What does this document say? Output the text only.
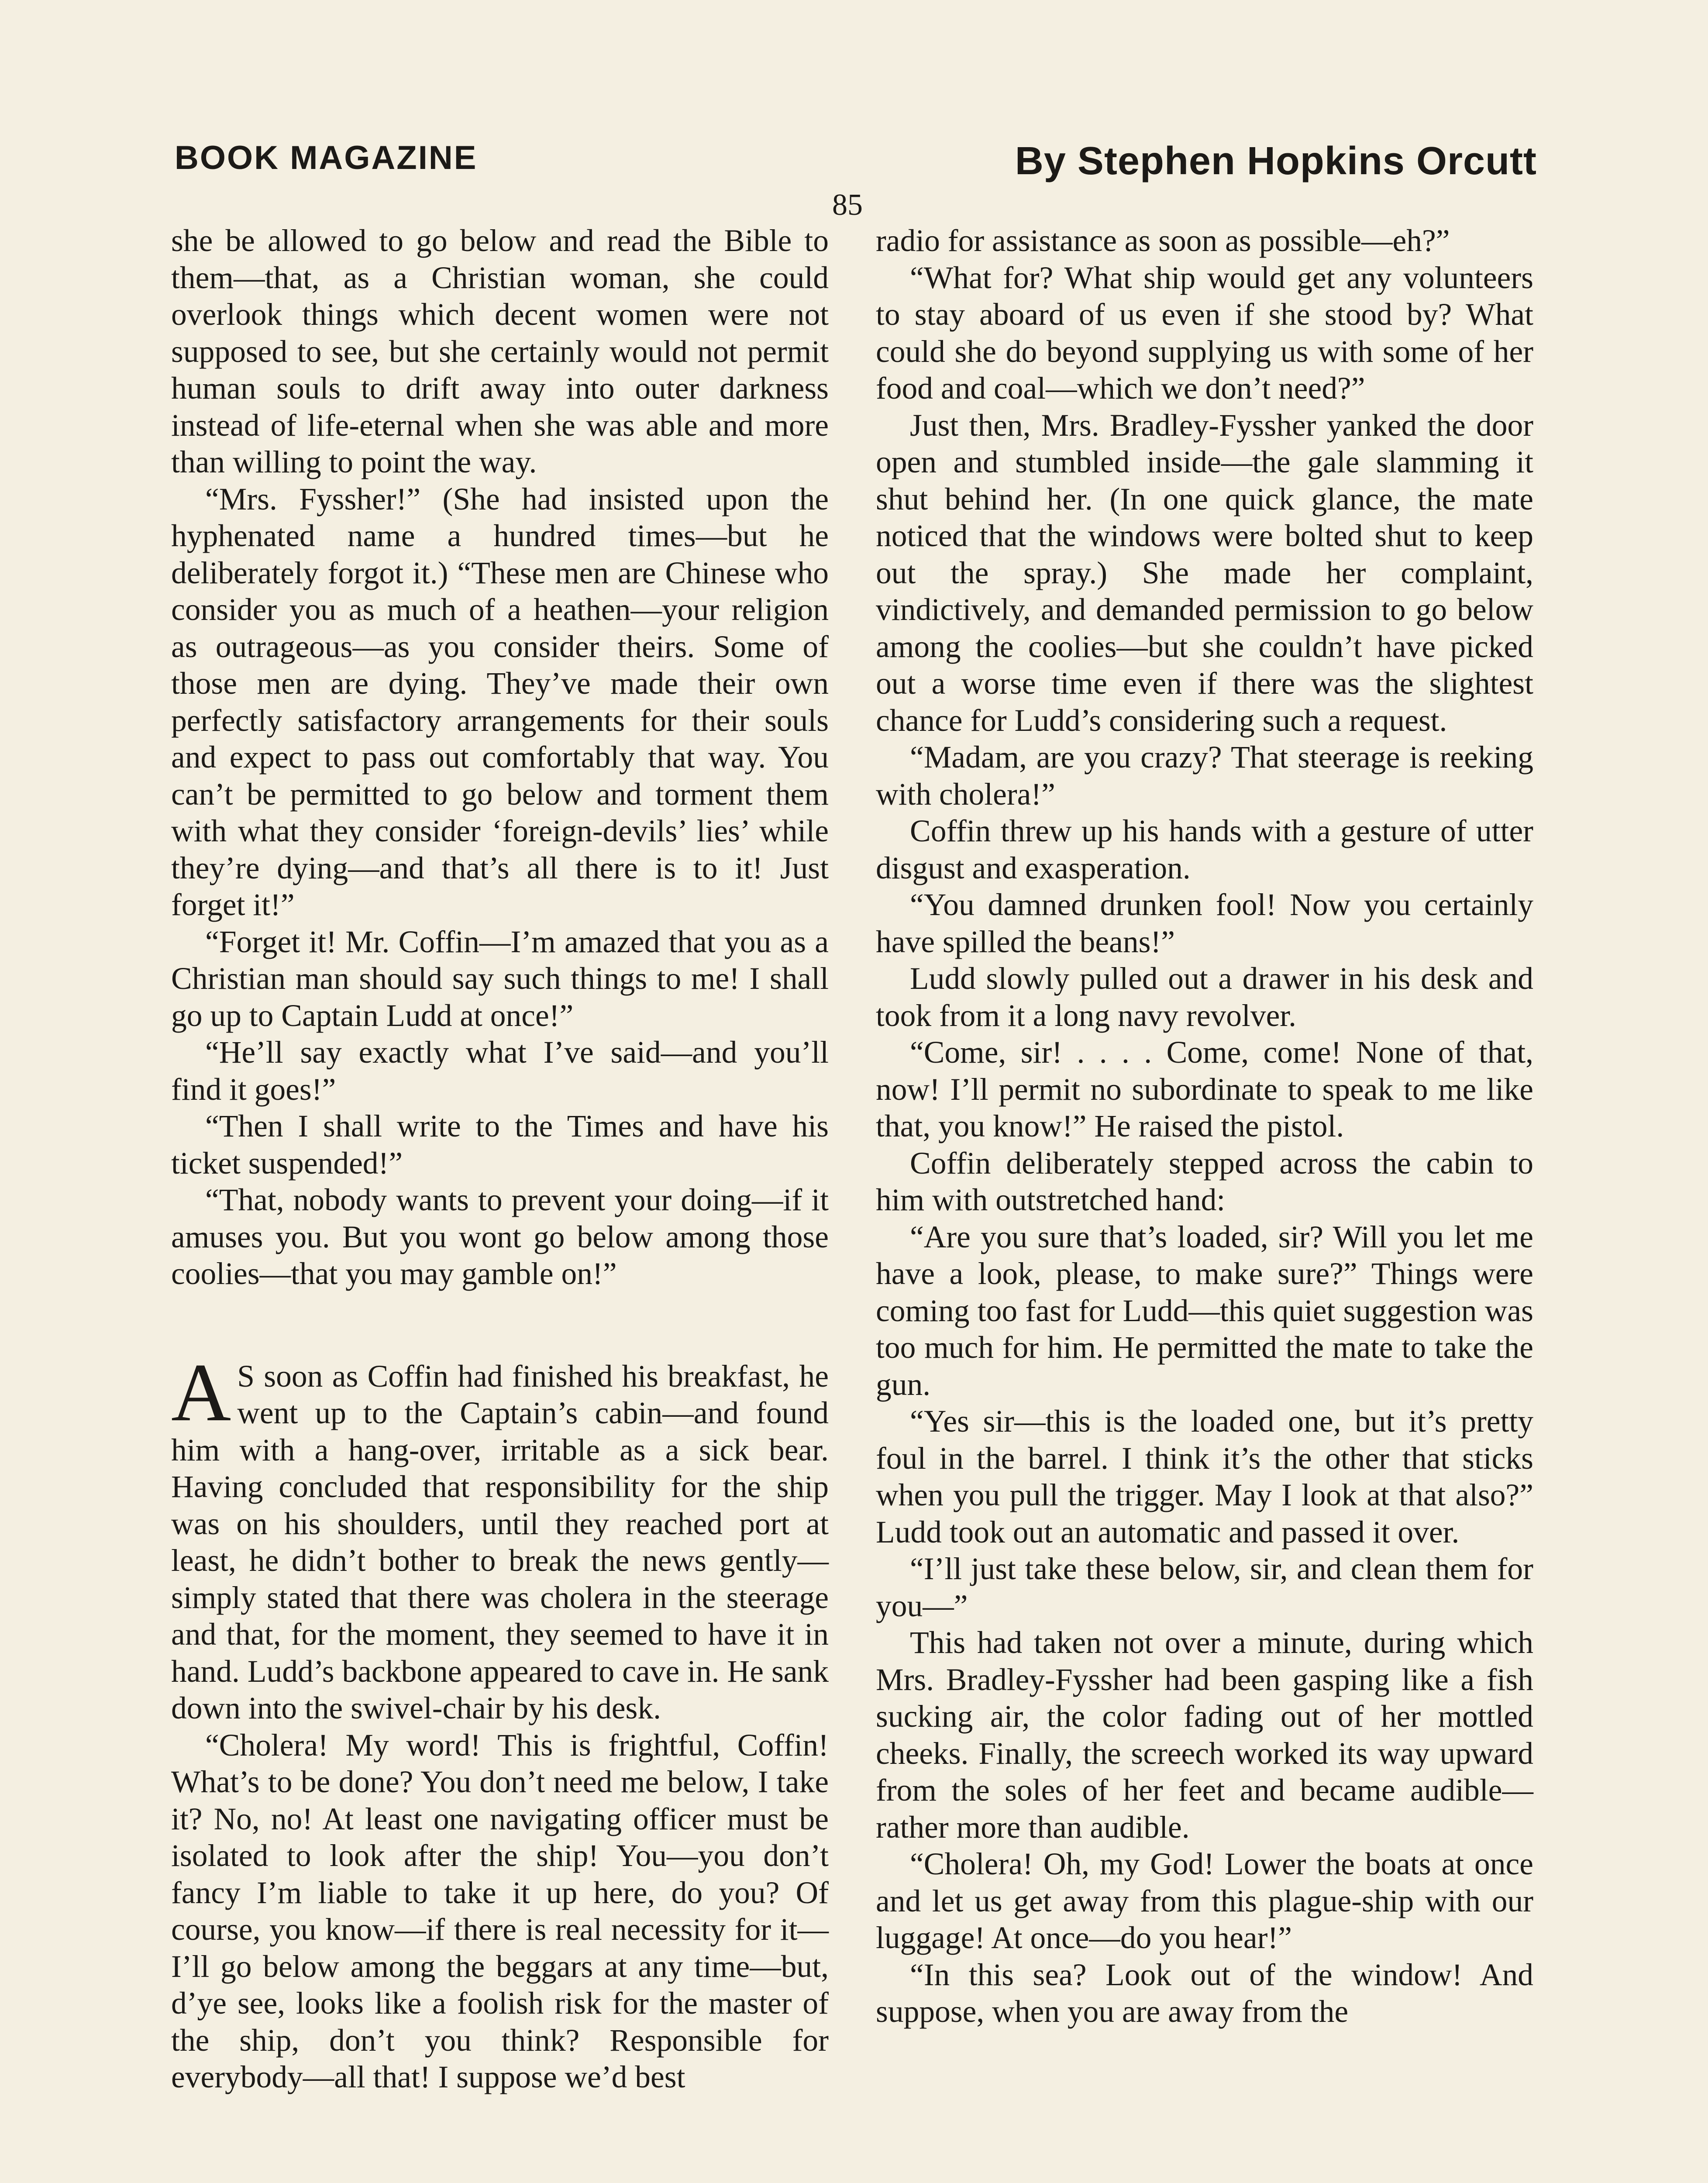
BOOK MAGAZINE	By Stephen Hopkins Orcutt
85

she be allowed to go below and read the Bible to them—that, as a Christian woman, she could overlook things which decent women were not supposed to see, but she certainly would not permit human souls to drift away into outer darkness instead of life-eternal when she was able and more than willing to point the way.

“Mrs. Fyssher!” (She had insisted upon the hyphenated name a hundred times—but he deliberately forgot it.) “These men are Chinese who consider you as much of a heathen—your religion as outrageous—as you consider theirs. Some of those men are dying. They’ve made their own perfectly satisfactory arrangements for their souls and expect to pass out comfortably that way. You can’t be permitted to go below and torment them with what they consider ‘foreign-devils’ lies’ while they’re dying—and that’s all there is to it! Just forget it!”

“Forget it! Mr. Coffin—I’m amazed that you as a Christian man should say such things to me! I shall go up to Captain Ludd at once!”

“He’ll say exactly what I’ve said—and you’ll find it goes!”

“Then I shall write to the Times and have his ticket suspended!”

“That, nobody wants to prevent your doing—if it amuses you. But you wont go below among those coolies—that you may gamble on!”

A S soon as Coffin had finished his breakfast, he went up to the Captain’s cabin—and found him with a hang-over, irritable as a sick bear. Having concluded that responsibility for the ship was on his shoulders, until they reached port at least, he didn’t bother to break the news gently—simply stated that there was cholera in the steerage and that, for the moment, they seemed to have it in hand. Ludd’s backbone appeared to cave in. He sank down into the swivel-chair by his desk.

“Cholera! My word! This is frightful, Coffin! What’s to be done? You don’t need me below, I take it? No, no! At least one navigating officer must be isolated to look after the ship! You—you don’t fancy I’m liable to take it up here, do you? Of course, you know—if there is real necessity for it—I’ll go below among the beggars at any time—but, d’ye see, looks like a foolish risk for the master of the ship, don’t you think? Responsible for everybody—all that! I suppose we’d best

radio for assistance as soon as possible—eh?”

“What for? What ship would get any volunteers to stay aboard of us even if she stood by? What could she do beyond supplying us with some of her food and coal—which we don’t need?”

Just then, Mrs. Bradley-Fyssher yanked the door open and stumbled inside—the gale slamming it shut behind her. (In one quick glance, the mate noticed that the windows were bolted shut to keep out the spray.) She made her complaint, vindictively, and demanded permission to go below among the coolies—but she couldn’t have picked out a worse time even if there was the slightest chance for Ludd’s considering such a request.

“Madam, are you crazy? That steerage is reeking with cholera!”

Coffin threw up his hands with a gesture of utter disgust and exasperation.

“You damned drunken fool! Now you certainly have spilled the beans!”

Ludd slowly pulled out a drawer in his desk and took from it a long navy revolver.

“Come, sir! . . . . Come, come! None of that, now! I’ll permit no subordinate to speak to me like that, you know!” He raised the pistol.

Coffin deliberately stepped across the cabin to him with outstretched hand:

“Are you sure that’s loaded, sir? Will you let me have a look, please, to make sure?” Things were coming too fast for Ludd—this quiet suggestion was too much for him. He permitted the mate to take the gun.

“Yes sir—this is the loaded one, but it’s pretty foul in the barrel. I think it’s the other that sticks when you pull the trigger. May I look at that also?” Ludd took out an automatic and passed it over.

“I’ll just take these below, sir, and clean them for you—”

This had taken not over a minute, during which Mrs. Bradley-Fyssher had been gasping like a fish sucking air, the color fading out of her mottled cheeks. Finally, the screech worked its way upward from the soles of her feet and became audible—rather more than audible.

“Cholera! Oh, my God! Lower the boats at once and let us get away from this plague-ship with our luggage! At once—do you hear!”

“In this sea? Look out of the window! And suppose, when you are away from the
